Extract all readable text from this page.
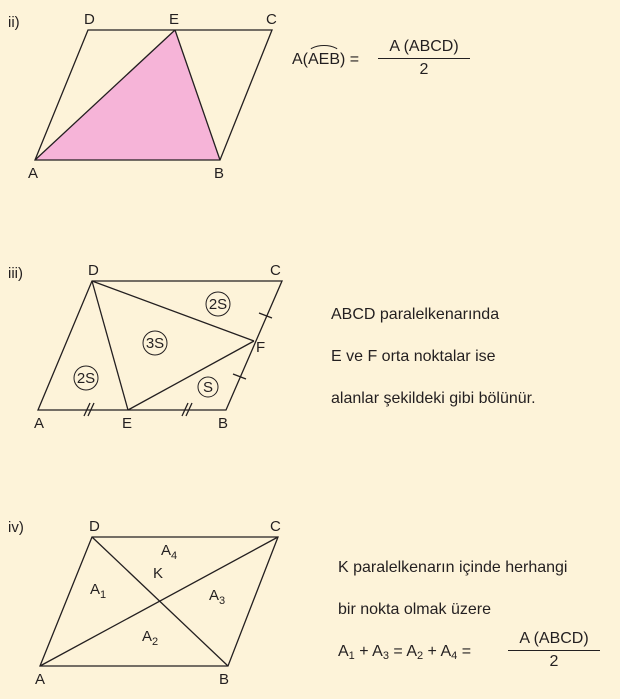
ii)
A	B
C
D	E
iii)
2S
3S
2S
S
A	B
C
D
E
F
iv)
A	B
C
D
K
$A_1$
$A_2$
$A_3$
$A_4$
A(AEB) =
A (ABCD)
2
ABCD paralelkenarında
E ve F orta noktalar ise
alanlar şekildeki gibi bölünür.
K paralelkenarın içinde herhangi
bir nokta olmak üzere
$A_1 + A_3 = A_2 + A_4$ =
A (ABCD)
2
